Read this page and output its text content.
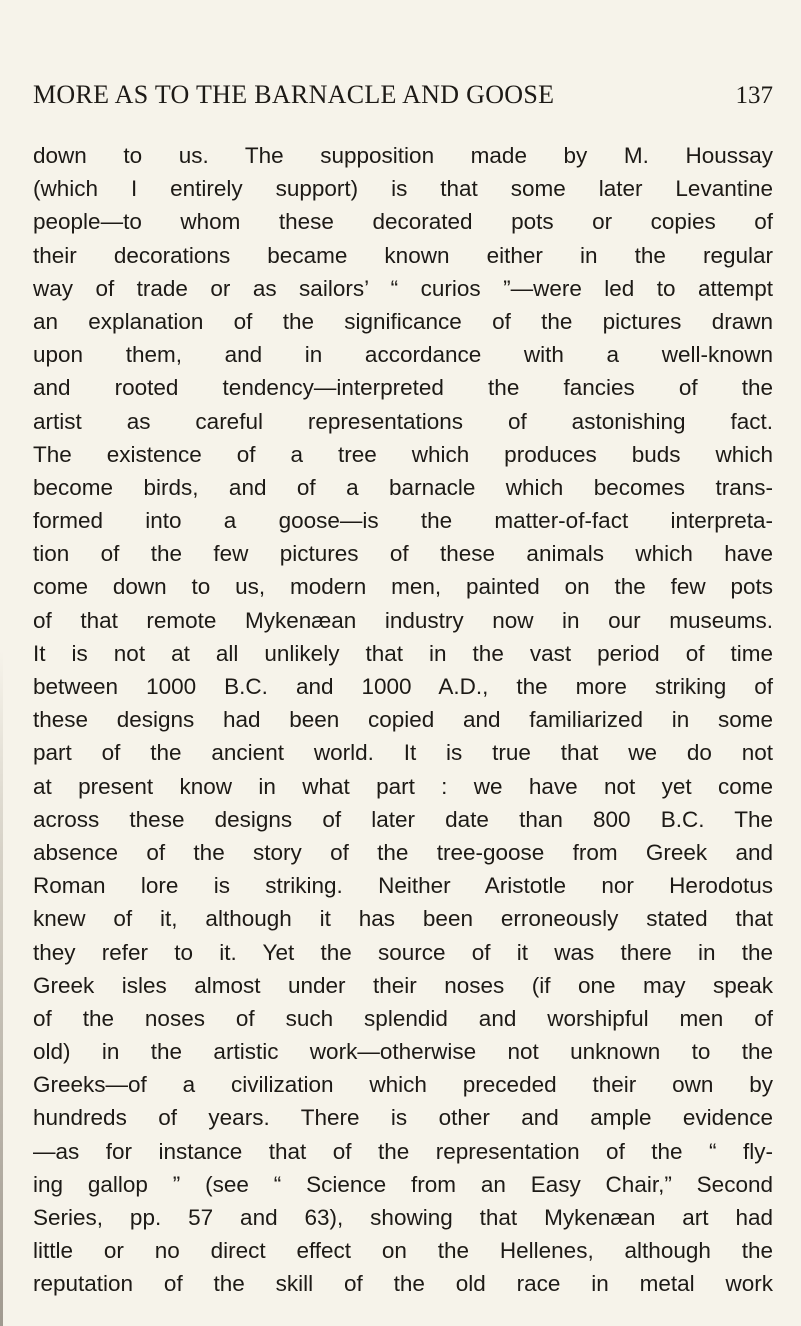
MORE AS TO THE BARNACLE AND GOOSE	137
down to us. The supposition made by M. Houssay
(which I entirely support) is that some later Levantine
people—to whom these decorated pots or copies of
their decorations became known either in the regular
way of trade or as sailors’ “ curios ”—were led to attempt
an explanation of the significance of the pictures drawn
upon them, and in accordance with a well-known
and rooted tendency—interpreted the fancies of the
artist as careful representations of astonishing fact.
The existence of a tree which produces buds which
become birds, and of a barnacle which becomes trans-
formed into a goose—is the matter-of-fact interpreta-
tion of the few pictures of these animals which have
come down to us, modern men, painted on the few pots
of that remote Mykenæan industry now in our museums.
It is not at all unlikely that in the vast period of time
between 1000 B.C. and 1000 A.D., the more striking of
these designs had been copied and familiarized in some
part of the ancient world. It is true that we do not
at present know in what part : we have not yet come
across these designs of later date than 800 B.C. The
absence of the story of the tree-goose from Greek and
Roman lore is striking. Neither Aristotle nor Herodotus
knew of it, although it has been erroneously stated that
they refer to it. Yet the source of it was there in the
Greek isles almost under their noses (if one may speak
of the noses of such splendid and worshipful men of
old) in the artistic work—otherwise not unknown to the
Greeks—of a civilization which preceded their own by
hundreds of years. There is other and ample evidence
—as for instance that of the representation of the “ fly-
ing gallop ” (see “ Science from an Easy Chair,” Second
Series, pp. 57 and 63), showing that Mykenæan art had
little or no direct effect on the Hellenes, although the
reputation of the skill of the old race in metal work
